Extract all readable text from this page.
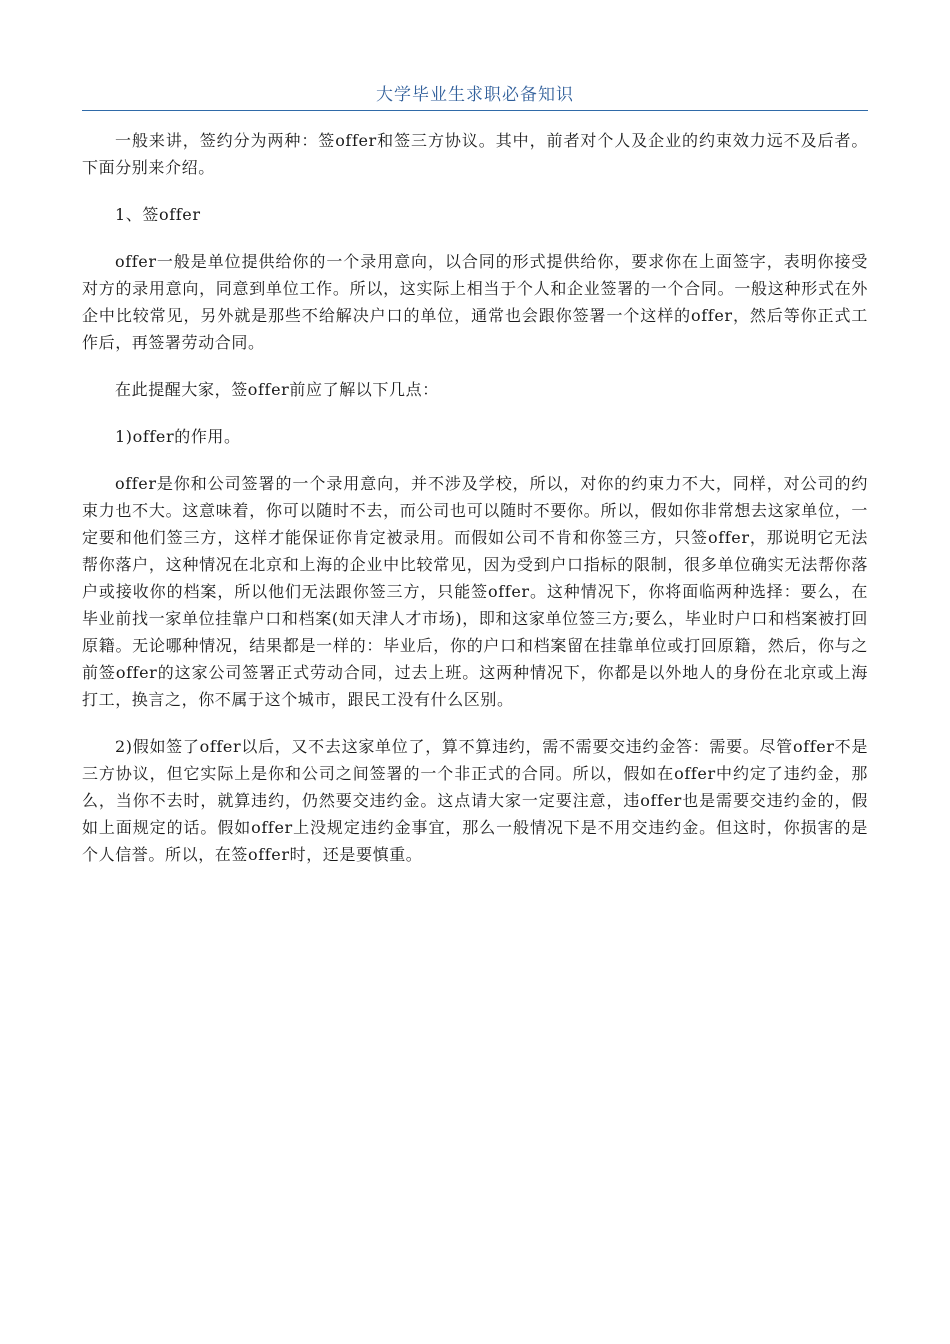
大学毕业生求职必备知识

一般来讲，签约分为两种：签offer和签三方协议。其中，前者对个人及企业的约束效力远不及后者。下面分别来介绍。

1、签offer

offer一般是单位提供给你的一个录用意向，以合同的形式提供给你，要求你在上面签字，表明你接受对方的录用意向，同意到单位工作。所以，这实际上相当于个人和企业签署的一个合同。一般这种形式在外企中比较常见，另外就是那些不给解决户口的单位，通常也会跟你签署一个这样的offer，然后等你正式工作后，再签署劳动合同。

在此提醒大家，签offer前应了解以下几点：

1)offer的作用。

offer是你和公司签署的一个录用意向，并不涉及学校，所以，对你的约束力不大，同样，对公司的约束力也不大。这意味着，你可以随时不去，而公司也可以随时不要你。所以，假如你非常想去这家单位，一定要和他们签三方，这样才能保证你肯定被录用。而假如公司不肯和你签三方，只签offer，那说明它无法帮你落户，这种情况在北京和上海的企业中比较常见，因为受到户口指标的限制，很多单位确实无法帮你落户或接收你的档案，所以他们无法跟你签三方，只能签offer。这种情况下，你将面临两种选择：要么，在毕业前找一家单位挂靠户口和档案(如天津人才市场)，即和这家单位签三方;要么，毕业时户口和档案被打回原籍。无论哪种情况，结果都是一样的：毕业后，你的户口和档案留在挂靠单位或打回原籍，然后，你与之前签offer的这家公司签署正式劳动合同，过去上班。这两种情况下，你都是以外地人的身份在北京或上海打工，换言之，你不属于这个城市，跟民工没有什么区别。

2)假如签了offer以后，又不去这家单位了，算不算违约，需不需要交违约金答：需要。尽管offer不是三方协议，但它实际上是你和公司之间签署的一个非正式的合同。所以，假如在offer中约定了违约金，那么，当你不去时，就算违约，仍然要交违约金。这点请大家一定要注意，违offer也是需要交违约金的，假如上面规定的话。假如offer上没规定违约金事宜，那么一般情况下是不用交违约金。但这时，你损害的是个人信誉。所以，在签offer时，还是要慎重。
